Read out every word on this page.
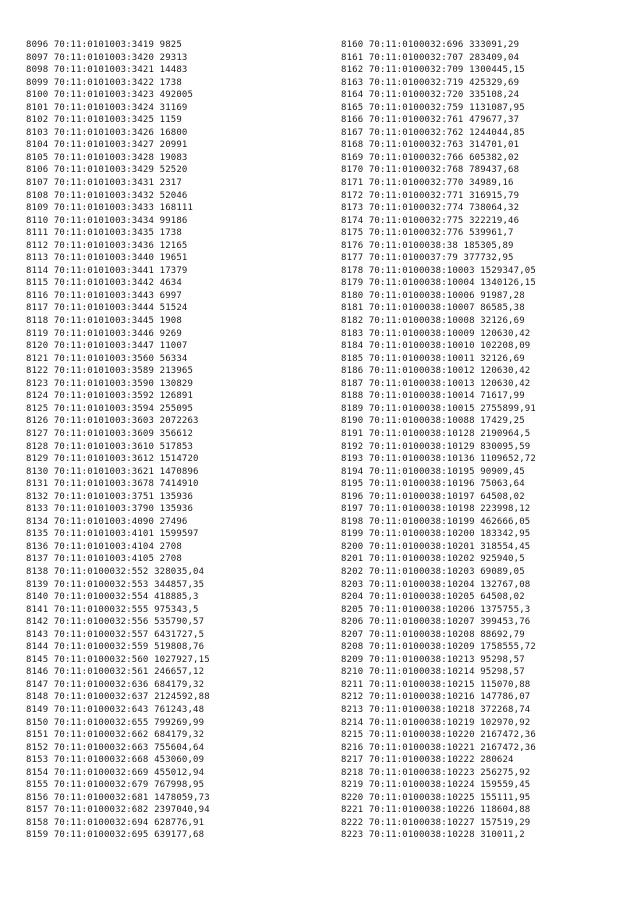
8096 70:11:0101003:3419 9825
8097 70:11:0101003:3420 29313
8098 70:11:0101003:3421 14483
8099 70:11:0101003:3422 1738
8100 70:11:0101003:3423 492005
8101 70:11:0101003:3424 31169
8102 70:11:0101003:3425 1159
8103 70:11:0101003:3426 16800
8104 70:11:0101003:3427 20991
8105 70:11:0101003:3428 19083
8106 70:11:0101003:3429 52520
8107 70:11:0101003:3431 2317
8108 70:11:0101003:3432 52046
8109 70:11:0101003:3433 168111
8110 70:11:0101003:3434 99186
8111 70:11:0101003:3435 1738
8112 70:11:0101003:3436 12165
8113 70:11:0101003:3440 19651
8114 70:11:0101003:3441 17379
8115 70:11:0101003:3442 4634
8116 70:11:0101003:3443 6997
8117 70:11:0101003:3444 51524
8118 70:11:0101003:3445 1908
8119 70:11:0101003:3446 9269
8120 70:11:0101003:3447 11007
8121 70:11:0101003:3560 56334
8122 70:11:0101003:3589 213965
8123 70:11:0101003:3590 130829
8124 70:11:0101003:3592 126891
8125 70:11:0101003:3594 255095
8126 70:11:0101003:3603 2072263
8127 70:11:0101003:3609 356612
8128 70:11:0101003:3610 517853
8129 70:11:0101003:3612 1514720
8130 70:11:0101003:3621 1470896
8131 70:11:0101003:3678 7414910
8132 70:11:0101003:3751 135936
8133 70:11:0101003:3790 135936
8134 70:11:0101003:4090 27496
8135 70:11:0101003:4101 1599597
8136 70:11:0101003:4104 2708
8137 70:11:0101003:4105 2708
8138 70:11:0100032:552 328035,04
8139 70:11:0100032:553 344857,35
8140 70:11:0100032:554 418885,3
8141 70:11:0100032:555 975343,5
8142 70:11:0100032:556 535790,57
8143 70:11:0100032:557 6431727,5
8144 70:11:0100032:559 519808,76
8145 70:11:0100032:560 1027927,15
8146 70:11:0100032:561 246657,12
8147 70:11:0100032:636 684179,32
8148 70:11:0100032:637 2124592,88
8149 70:11:0100032:643 761243,48
8150 70:11:0100032:655 799269,99
8151 70:11:0100032:662 684179,32
8152 70:11:0100032:663 755604,64
8153 70:11:0100032:668 453060,09
8154 70:11:0100032:669 455012,94
8155 70:11:0100032:679 767998,95
8156 70:11:0100032:681 1478059,73
8157 70:11:0100032:682 2397040,94
8158 70:11:0100032:694 628776,91
8159 70:11:0100032:695 639177,68
8160 70:11:0100032:696 333091,29
8161 70:11:0100032:707 283409,04
8162 70:11:0100032:709 1300445,15
8163 70:11:0100032:719 425329,69
8164 70:11:0100032:720 335108,24
8165 70:11:0100032:759 1131087,95
8166 70:11:0100032:761 479677,37
8167 70:11:0100032:762 1244044,85
8168 70:11:0100032:763 314701,01
8169 70:11:0100032:766 605382,02
8170 70:11:0100032:768 789437,68
8171 70:11:0100032:770 34989,16
8172 70:11:0100032:771 316915,79
8173 70:11:0100032:774 738064,32
8174 70:11:0100032:775 322219,46
8175 70:11:0100032:776 539961,7
8176 70:11:0100038:38 185305,89
8177 70:11:0100037:79 377732,95
8178 70:11:0100038:10003 1529347,05
8179 70:11:0100038:10004 1340126,15
8180 70:11:0100038:10006 91987,28
8181 70:11:0100038:10007 86585,38
8182 70:11:0100038:10008 32126,69
8183 70:11:0100038:10009 120630,42
8184 70:11:0100038:10010 102208,09
8185 70:11:0100038:10011 32126,69
8186 70:11:0100038:10012 120630,42
8187 70:11:0100038:10013 120630,42
8188 70:11:0100038:10014 71617,99
8189 70:11:0100038:10015 2755899,91
8190 70:11:0100038:10088 17429,25
8191 70:11:0100038:10128 2190964,5
8192 70:11:0100038:10129 830095,59
8193 70:11:0100038:10136 1109652,72
8194 70:11:0100038:10195 90909,45
8195 70:11:0100038:10196 75063,64
8196 70:11:0100038:10197 64508,02
8197 70:11:0100038:10198 223998,12
8198 70:11:0100038:10199 462666,05
8199 70:11:0100038:10200 183342,95
8200 70:11:0100038:10201 318554,45
8201 70:11:0100038:10202 925940,5
8202 70:11:0100038:10203 69089,05
8203 70:11:0100038:10204 132767,08
8204 70:11:0100038:10205 64508,02
8205 70:11:0100038:10206 1375755,3
8206 70:11:0100038:10207 399453,76
8207 70:11:0100038:10208 88692,79
8208 70:11:0100038:10209 1758555,72
8209 70:11:0100038:10213 95298,57
8210 70:11:0100038:10214 95298,57
8211 70:11:0100038:10215 115070,88
8212 70:11:0100038:10216 147786,07
8213 70:11:0100038:10218 372268,74
8214 70:11:0100038:10219 102970,92
8215 70:11:0100038:10220 2167472,36
8216 70:11:0100038:10221 2167472,36
8217 70:11:0100038:10222 280624
8218 70:11:0100038:10223 256275,92
8219 70:11:0100038:10224 159559,45
8220 70:11:0100038:10225 155111,95
8221 70:11:0100038:10226 118604,88
8222 70:11:0100038:10227 157519,29
8223 70:11:0100038:10228 310011,2
